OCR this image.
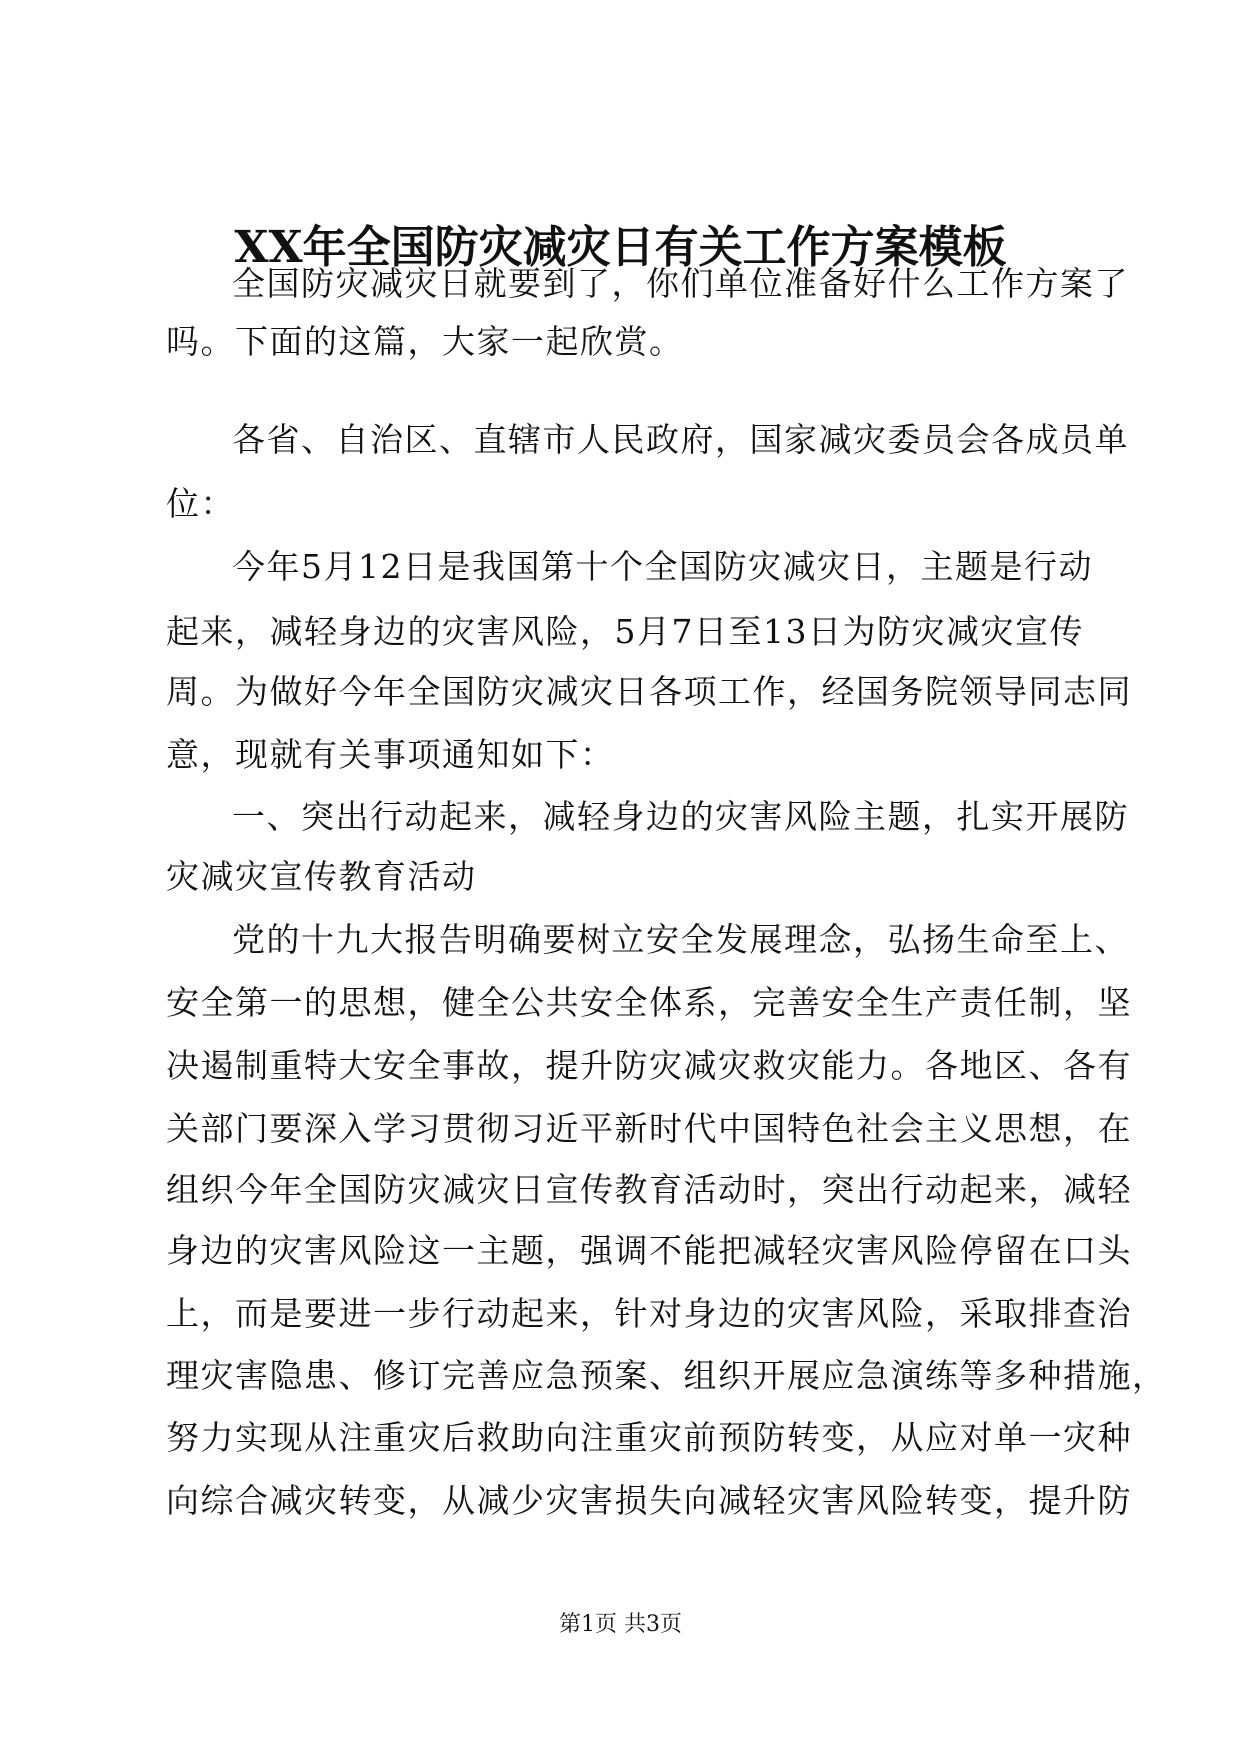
XX年全国防灾减灾日有关工作方案模板
全国防灾减灾日就要到了，你们单位准备好什么工作方案了
吗。下面的这篇，大家一起欣赏。
各省、自治区、直辖市人民政府，国家减灾委员会各成员单
位：
今年5月12日是我国第十个全国防灾减灾日，主题是行动
起来，减轻身边的灾害风险，5月7日至13日为防灾减灾宣传
周。为做好今年全国防灾减灾日各项工作，经国务院领导同志同
意，现就有关事项通知如下：
一、突出行动起来，减轻身边的灾害风险主题，扎实开展防
灾减灾宣传教育活动
党的十九大报告明确要树立安全发展理念，弘扬生命至上、
安全第一的思想，健全公共安全体系，完善安全生产责任制，坚
决遏制重特大安全事故，提升防灾减灾救灾能力。各地区、各有
关部门要深入学习贯彻习近平新时代中国特色社会主义思想，在
组织今年全国防灾减灾日宣传教育活动时，突出行动起来，减轻
身边的灾害风险这一主题，强调不能把减轻灾害风险停留在口头
上，而是要进一步行动起来，针对身边的灾害风险，采取排查治
理灾害隐患、修订完善应急预案、组织开展应急演练等多种措施，
努力实现从注重灾后救助向注重灾前预防转变，从应对单一灾种
向综合减灾转变，从减少灾害损失向减轻灾害风险转变，提升防
第1页 共3页
